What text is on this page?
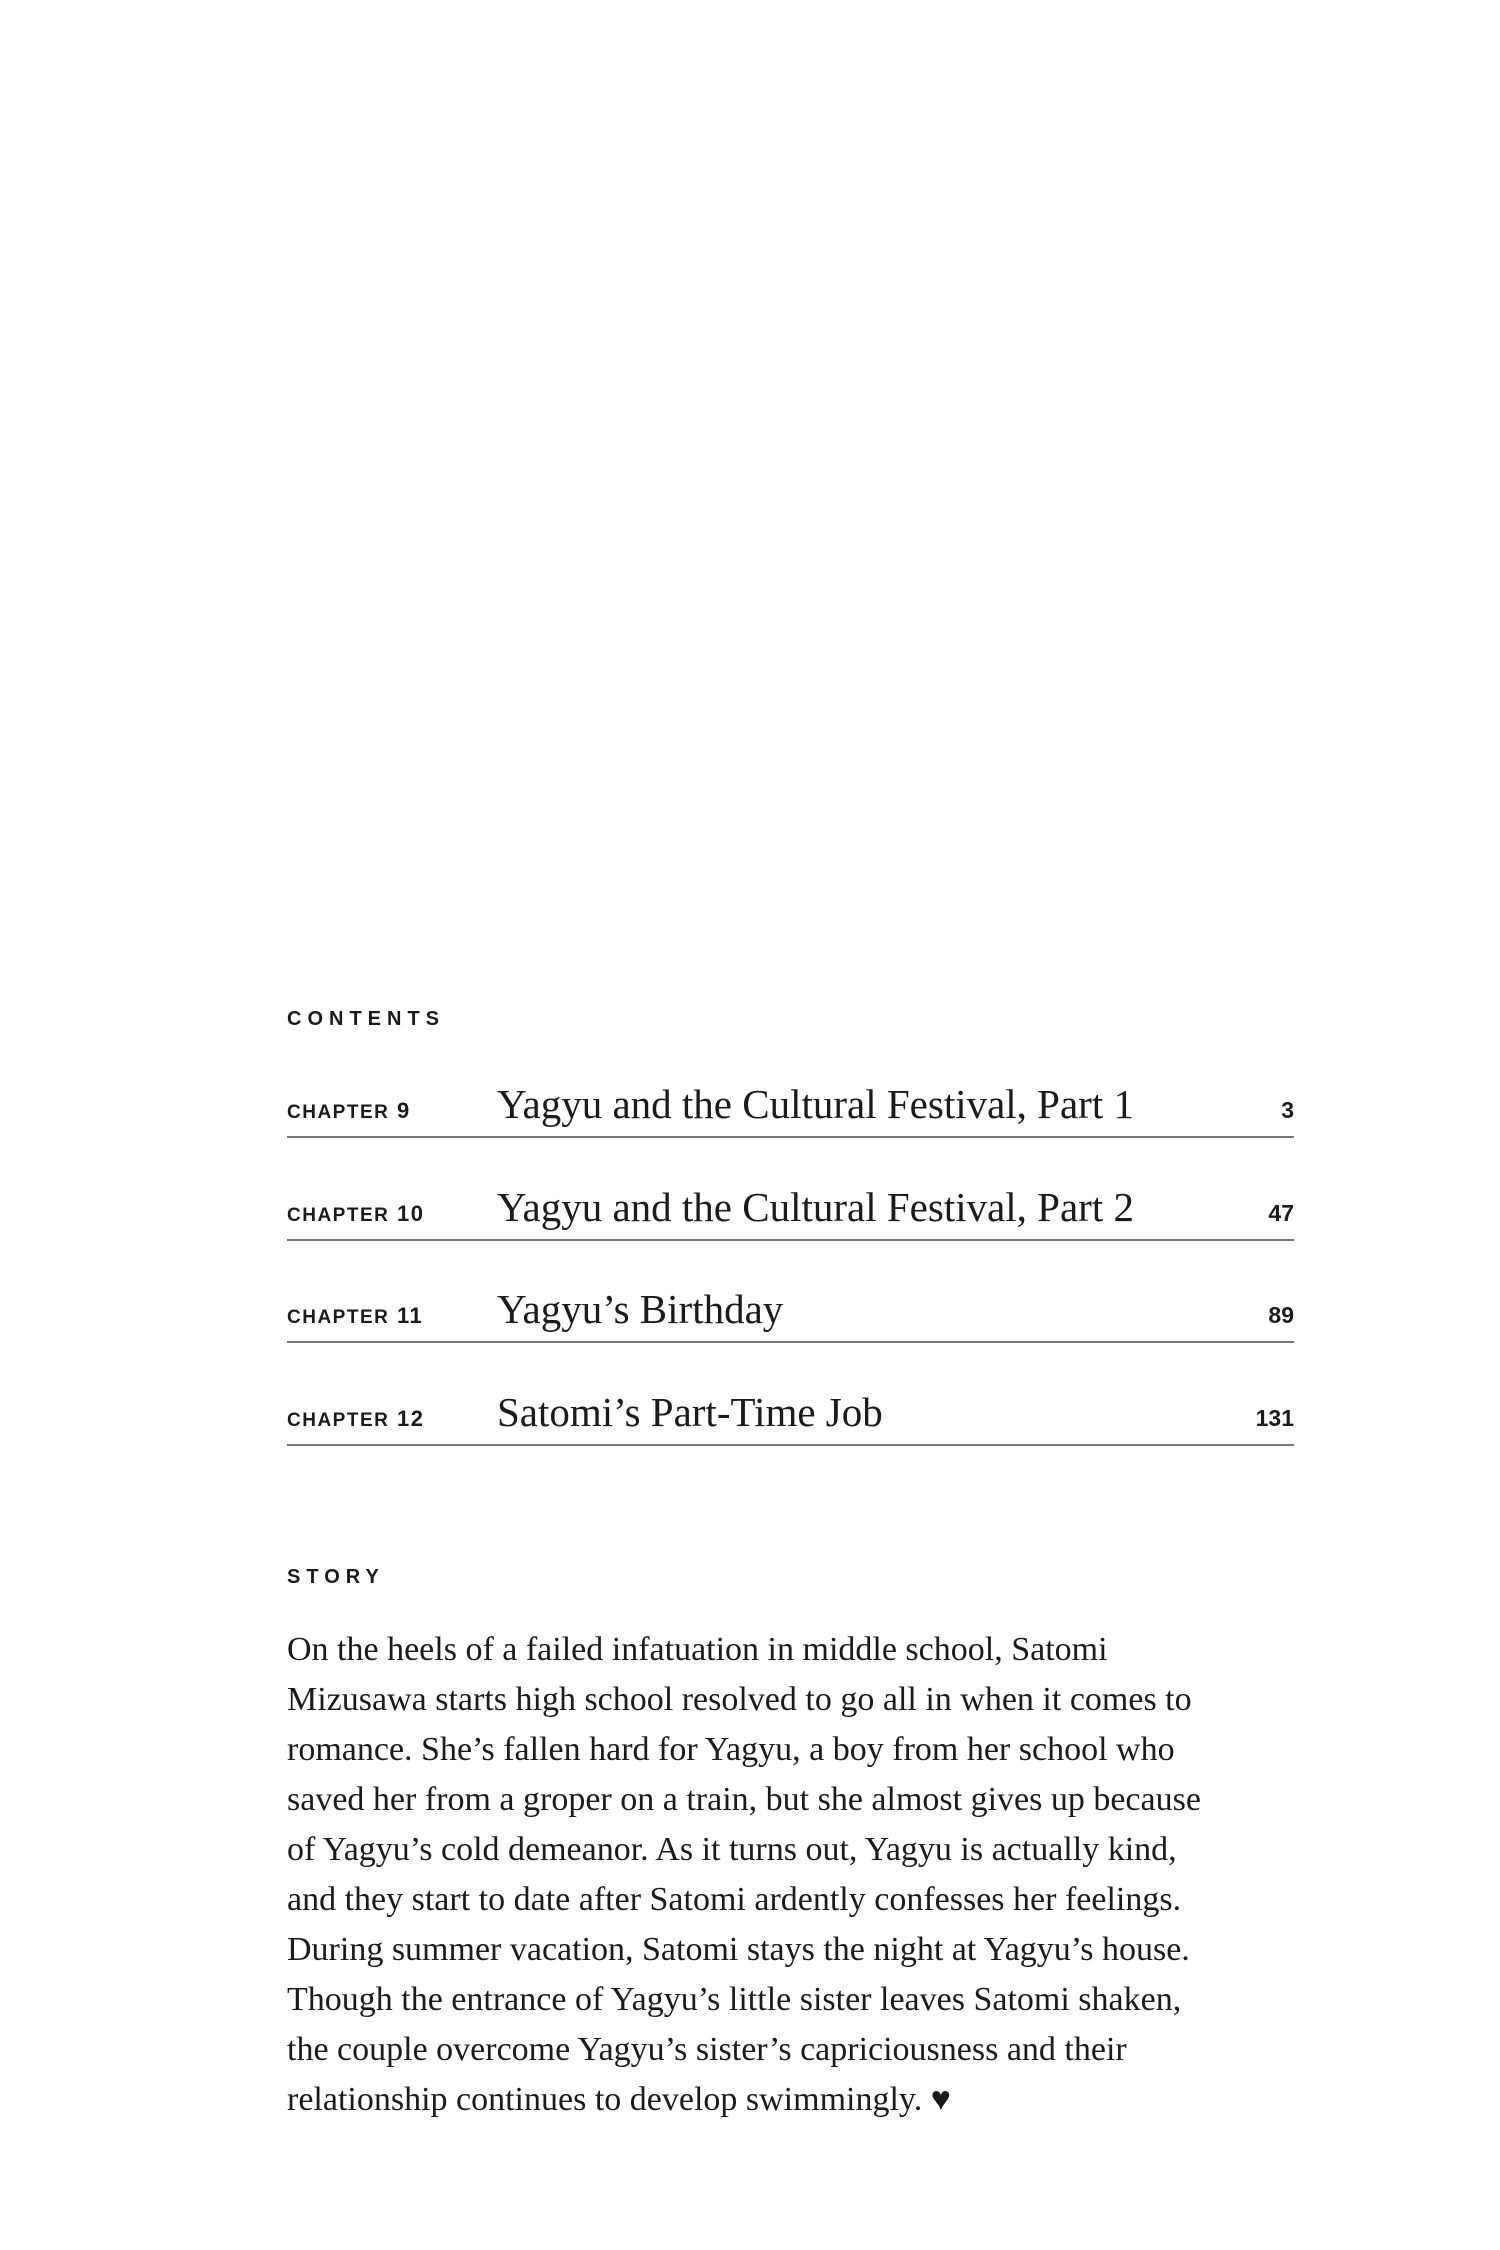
CONTENTS
CHAPTER 9 Yagyu and the Cultural Festival, Part 1	3
CHAPTER 10 Yagyu and the Cultural Festival, Part 2	47
CHAPTER 11 Yagyu’s Birthday	89
CHAPTER 12 Satomi’s Part-Time Job	131
STORY
On the heels of a failed infatuation in middle school, Satomi
Mizusawa starts high school resolved to go all in when it comes to
romance. She’s fallen hard for Yagyu, a boy from her school who
saved her from a groper on a train, but she almost gives up because
of Yagyu’s cold demeanor. As it turns out, Yagyu is actually kind,
and they start to date after Satomi ardently confesses her feelings.
During summer vacation, Satomi stays the night at Yagyu’s house.
Though the entrance of Yagyu’s little sister leaves Satomi shaken,
the couple overcome Yagyu’s sister’s capriciousness and their
relationship continues to develop swimmingly. ♥
